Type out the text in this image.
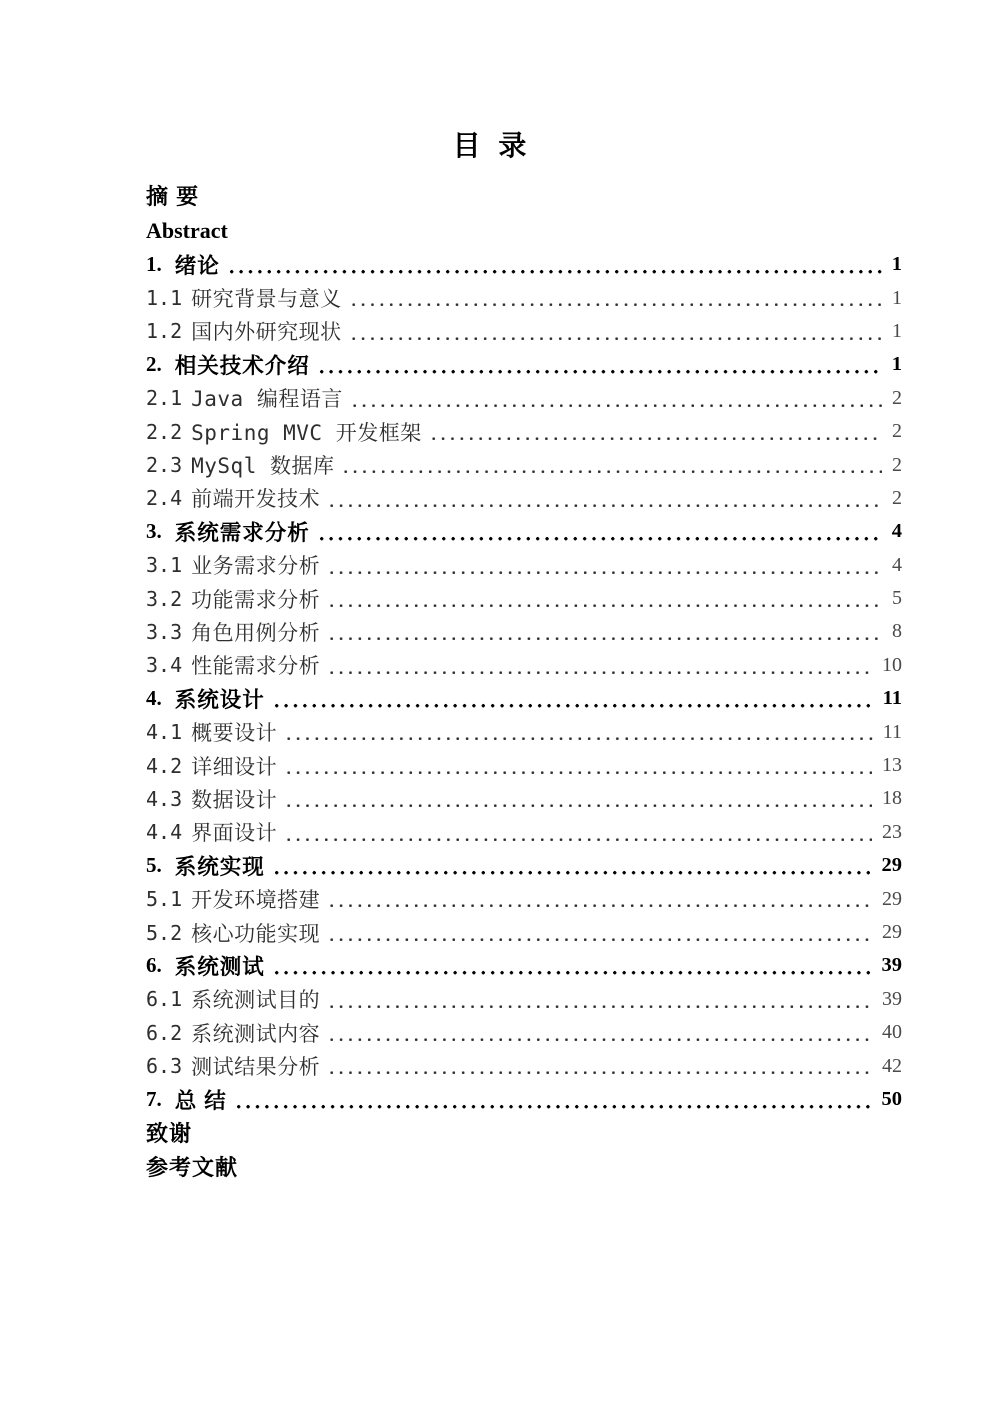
目 录
摘 要
Abstract
1. 绪论	1
1.1 研究背景与意义	1
1.2 国内外研究现状	1
2. 相关技术介绍	1
2.1 Java 编程语言	2
2.2 Spring MVC 开发框架	2
2.3 MySql 数据库	2
2.4 前端开发技术	2
3. 系统需求分析	4
3.1 业务需求分析	4
3.2 功能需求分析	5
3.3 角色用例分析	8
3.4 性能需求分析	10
4. 系统设计	11
4.1 概要设计	11
4.2 详细设计	13
4.3 数据设计	18
4.4 界面设计	23
5. 系统实现	29
5.1 开发环境搭建	29
5.2 核心功能实现	29
6. 系统测试	39
6.1 系统测试目的	39
6.2 系统测试内容	40
6.3 测试结果分析	42
7. 总 结	50
致谢
参考文献
